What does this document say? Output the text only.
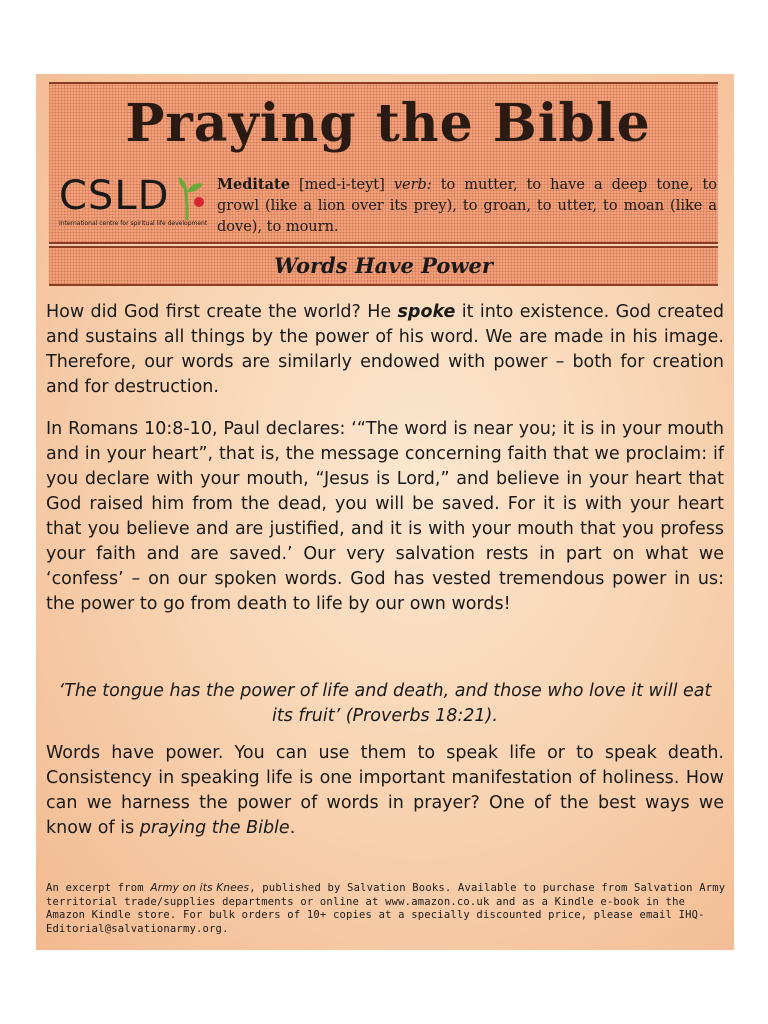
Praying the Bible
CSLD
International centre for spiritual life development

Meditate [med-i-teyt] verb: to mutter, to have a deep tone, to growl (like a lion over its prey), to groan, to utter, to moan (like a dove), to mourn.

Words Have Power

How did God first create the world? He spoke it into existence. God created and sustains all things by the power of his word. We are made in his image. Therefore, our words are similarly endowed with power – both for creation and for destruction.

In Romans 10:8-10, Paul declares: ‘“The word is near you; it is in your mouth and in your heart”, that is, the message concerning faith that we proclaim: if you declare with your mouth, “Jesus is Lord,” and believe in your heart that God raised him from the dead, you will be saved. For it is with your heart that you believe and are justified, and it is with your mouth that you profess your faith and are saved.’ Our very salvation rests in part on what we ‘confess’ – on our spoken words. God has vested tremendous power in us: the power to go from death to life by our own words!

‘The tongue has the power of life and death, and those who love it will eat its fruit’ (Proverbs 18:21).

Words have power. You can use them to speak life or to speak death. Consistency in speaking life is one important manifestation of holiness. How can we harness the power of words in prayer? One of the best ways we know of is praying the Bible.

An excerpt from Army on its Knees, published by Salvation Books. Available to purchase from Salvation Army territorial trade/supplies departments or online at www.amazon.co.uk and as a Kindle e-book in the Amazon Kindle store. For bulk orders of 10+ copies at a specially discounted price, please email IHQ-Editorial@salvationarmy.org.
